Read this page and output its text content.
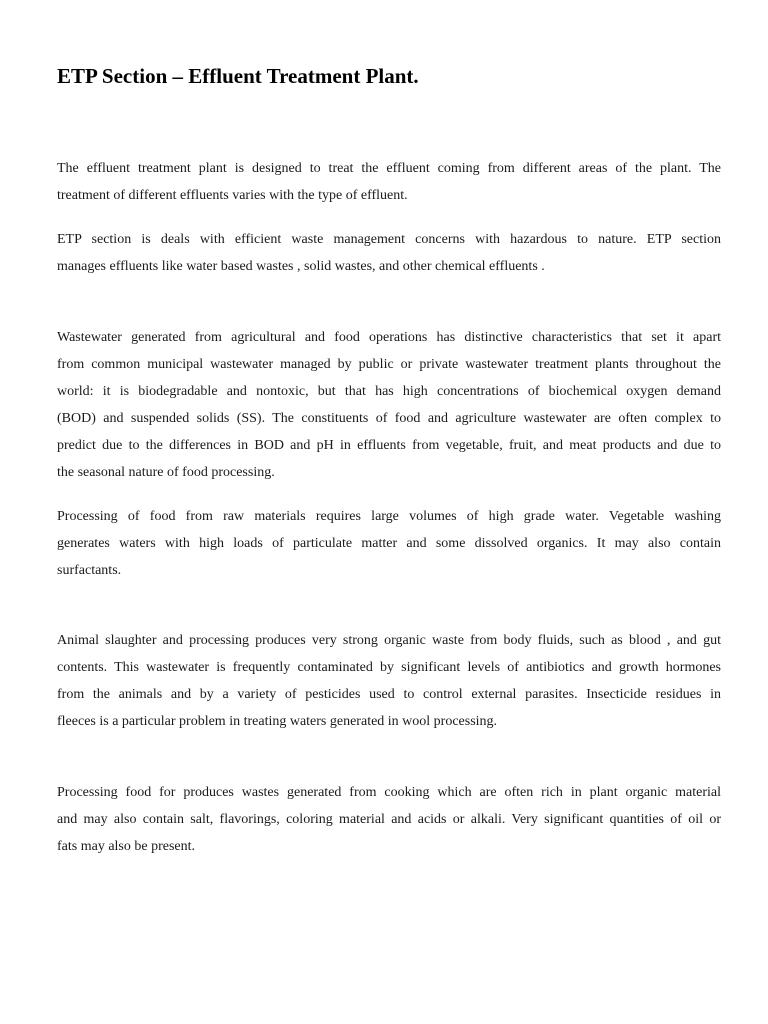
ETP Section – Effluent Treatment Plant.
The effluent treatment plant is designed to treat the effluent coming from different areas of the plant. The
treatment of different effluents varies with the type of effluent.
ETP section is deals with efficient waste management concerns with hazardous to nature. ETP section
manages effluents like water based wastes , solid wastes, and other chemical effluents .
Wastewater generated from agricultural and food operations has distinctive characteristics that set it apart
from common municipal wastewater managed by public or private wastewater treatment plants throughout the
world: it is biodegradable and nontoxic, but that has high concentrations of biochemical oxygen demand
(BOD) and suspended solids (SS). The constituents of food and agriculture wastewater are often complex to
predict due to the differences in BOD and pH in effluents from vegetable, fruit, and meat products and due to
the seasonal nature of food processing.
Processing of food from raw materials requires large volumes of high grade water. Vegetable washing
generates waters with high loads of particulate matter and some dissolved organics. It may also contain
surfactants.
Animal slaughter and processing produces very strong organic waste from body fluids, such as blood , and gut
contents. This wastewater is frequently contaminated by significant levels of antibiotics and growth hormones
from the animals and by a variety of pesticides used to control external parasites. Insecticide residues in
fleeces is a particular problem in treating waters generated in wool processing.
Processing food for produces wastes generated from cooking which are often rich in plant organic material
and may also contain salt, flavorings, coloring material and acids or alkali. Very significant quantities of oil or
fats may also be present.
